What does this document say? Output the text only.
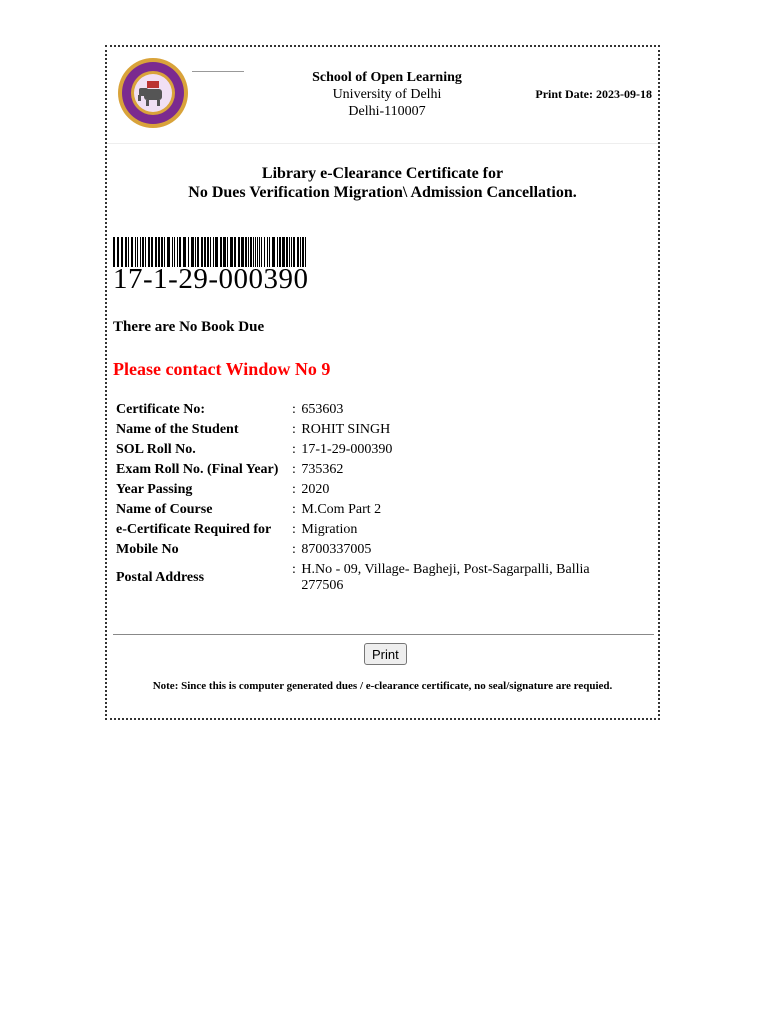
School of Open Learning
University of Delhi
Delhi-110007
Print Date: 2023-09-18
Library e-Clearance Certificate for
No Dues Verification Migration\ Admission Cancellation.
17-1-29-000390
There are No Book Due
Please contact Window No 9
Certificate No:	: 653603

Name of the Student	: ROHIT SINGH

SOL Roll No.	: 17-1-29-000390

Exam Roll No. (Final Year)	: 735362

Year Passing	: 2020

Name of Course	: M.Com Part 2

e-Certificate Required for	: Migration

Mobile No	: 8700337005

Postal Address	: H.No - 09, Village- Bagheji, Post-Sagarpalli, Ballia 277506
Print
Note: Since this is computer generated dues / e-clearance certificate, no seal/signature are requied.
